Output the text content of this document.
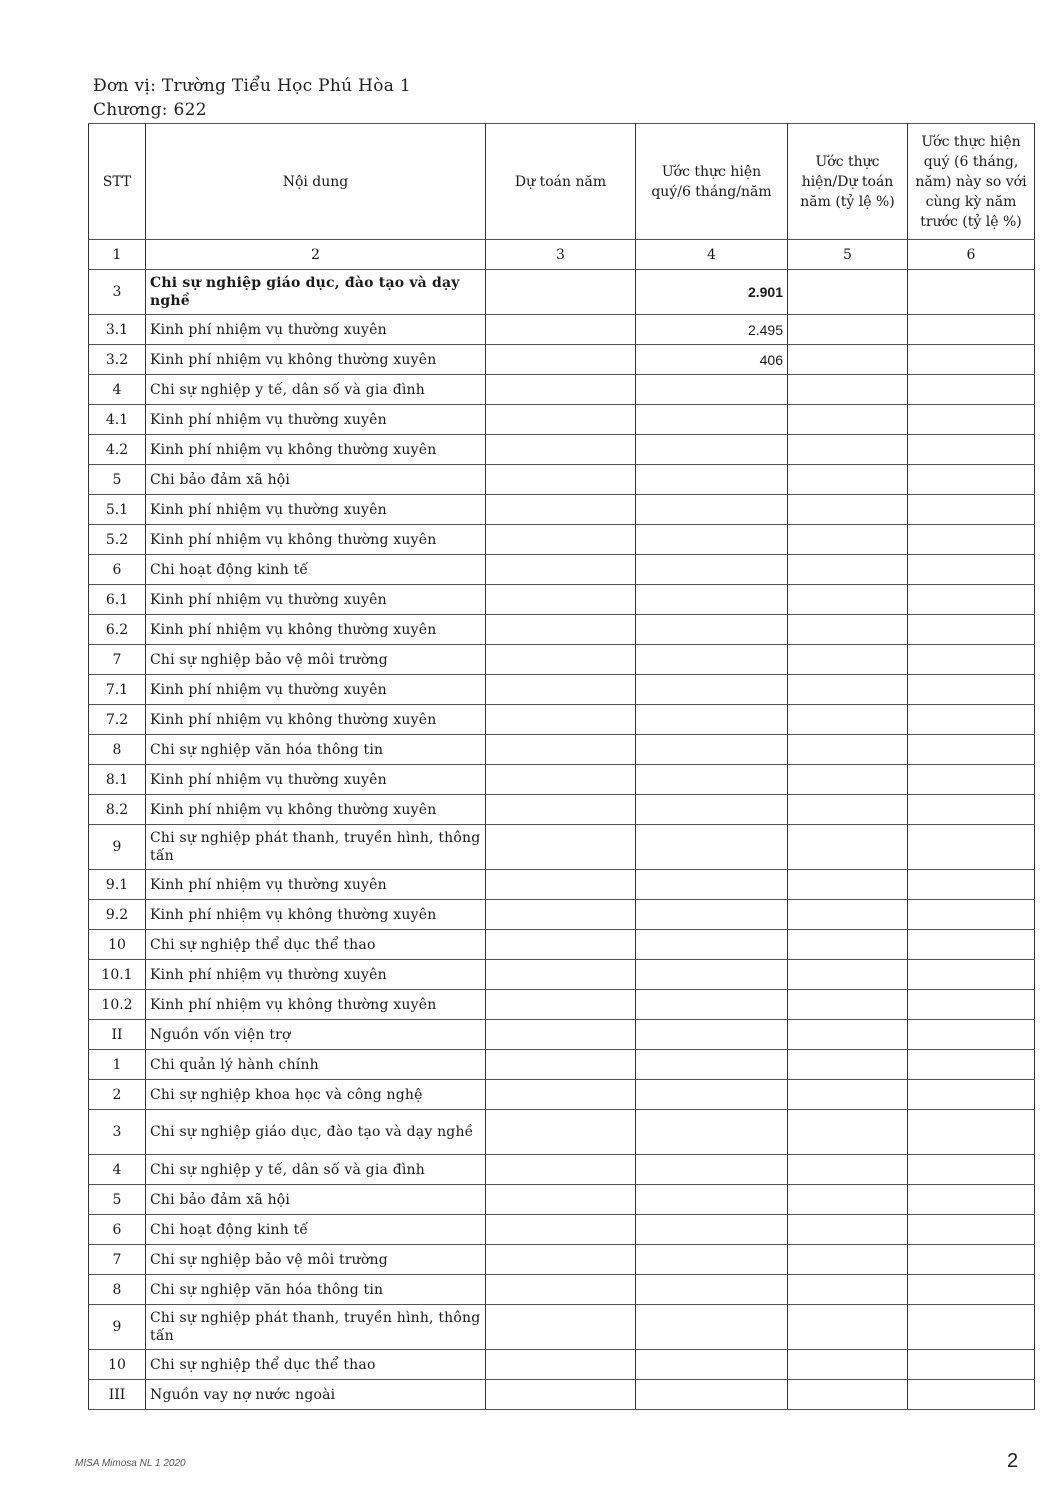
Đơn vị: Trường Tiểu Học Phú Hòa 1
Chương: 622
STT	Nội dung	Dự toán năm	Ước thực hiện quý/6 tháng/năm	Ước thực hiện/Dự toán năm (tỷ lệ %)	Ước thực hiện quý (6 tháng, năm) này so với cùng kỳ năm trước (tỷ lệ %)
1	2	3	4	5	6
3	Chi sự nghiệp giáo dục, đào tạo và dạy nghề		2.901		
3.1	Kinh phí nhiệm vụ thường xuyên		2.495		
3.2	Kinh phí nhiệm vụ không thường xuyên		406		
4	Chi sự nghiệp y tế, dân số và gia đình				
4.1	Kinh phí nhiệm vụ thường xuyên				
4.2	Kinh phí nhiệm vụ không thường xuyên				
5	Chi bảo đảm xã hội				
5.1	Kinh phí nhiệm vụ thường xuyên				
5.2	Kinh phí nhiệm vụ không thường xuyên				
6	Chi hoạt động kinh tế				
6.1	Kinh phí nhiệm vụ thường xuyên				
6.2	Kinh phí nhiệm vụ không thường xuyên				
7	Chi sự nghiệp bảo vệ môi trường				
7.1	Kinh phí nhiệm vụ thường xuyên				
7.2	Kinh phí nhiệm vụ không thường xuyên				
8	Chi sự nghiệp văn hóa thông tin				
8.1	Kinh phí nhiệm vụ thường xuyên				
8.2	Kinh phí nhiệm vụ không thường xuyên				
9	Chi sự nghiệp phát thanh, truyền hình, thông tấn				
9.1	Kinh phí nhiệm vụ thường xuyên				
9.2	Kinh phí nhiệm vụ không thường xuyên				
10	Chi sự nghiệp thể dục thể thao				
10.1	Kinh phí nhiệm vụ thường xuyên				
10.2	Kinh phí nhiệm vụ không thường xuyên				
II	Nguồn vốn viện trợ				
1	Chi quản lý hành chính				
2	Chi sự nghiệp khoa học và công nghệ				
3	Chi sự nghiệp giáo dục, đào tạo và dạy nghề				
4	Chi sự nghiệp y tế, dân số và gia đình				
5	Chi bảo đảm xã hội				
6	Chi hoạt động kinh tế				
7	Chi sự nghiệp bảo vệ môi trường				
8	Chi sự nghiệp văn hóa thông tin				
9	Chi sự nghiệp phát thanh, truyền hình, thông tấn				
10	Chi sự nghiệp thể dục thể thao				
III	Nguồn vay nợ nước ngoài				
MISA Mimosa NL 1 2020	2
